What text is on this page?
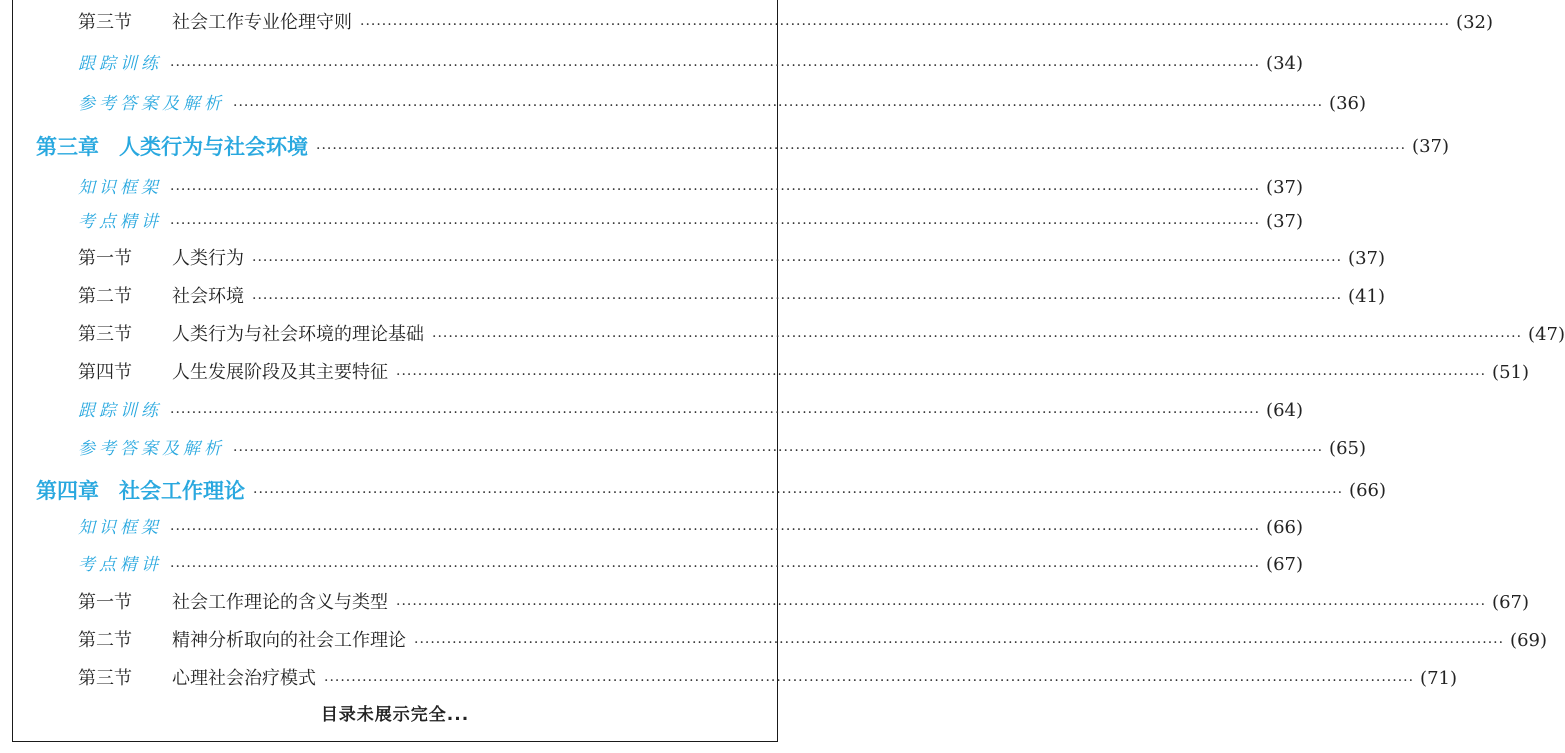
第三节	社会工作专业伦理守则 ········································································································································································································ (32)
跟踪训练 ········································································································································································································ (34)
参考答案及解析 ········································································································································································································ (36)
第三章 人类行为与社会环境 ········································································································································································································ (37)
知识框架 ········································································································································································································ (37)
考点精讲 ········································································································································································································ (37)
第一节	人类行为 ········································································································································································································ (37)
第二节	社会环境 ········································································································································································································ (41)
第三节	人类行为与社会环境的理论基础 ········································································································································································································ (47)
第四节	人生发展阶段及其主要特征 ········································································································································································································ (51)
跟踪训练 ········································································································································································································ (64)
参考答案及解析 ········································································································································································································ (65)
第四章 社会工作理论 ········································································································································································································ (66)
知识框架 ········································································································································································································ (66)
考点精讲 ········································································································································································································ (67)
第一节	社会工作理论的含义与类型 ········································································································································································································ (67)
第二节	精神分析取向的社会工作理论 ········································································································································································································ (69)
第三节	心理社会治疗模式 ········································································································································································································ (71)
目录未展示完全...
